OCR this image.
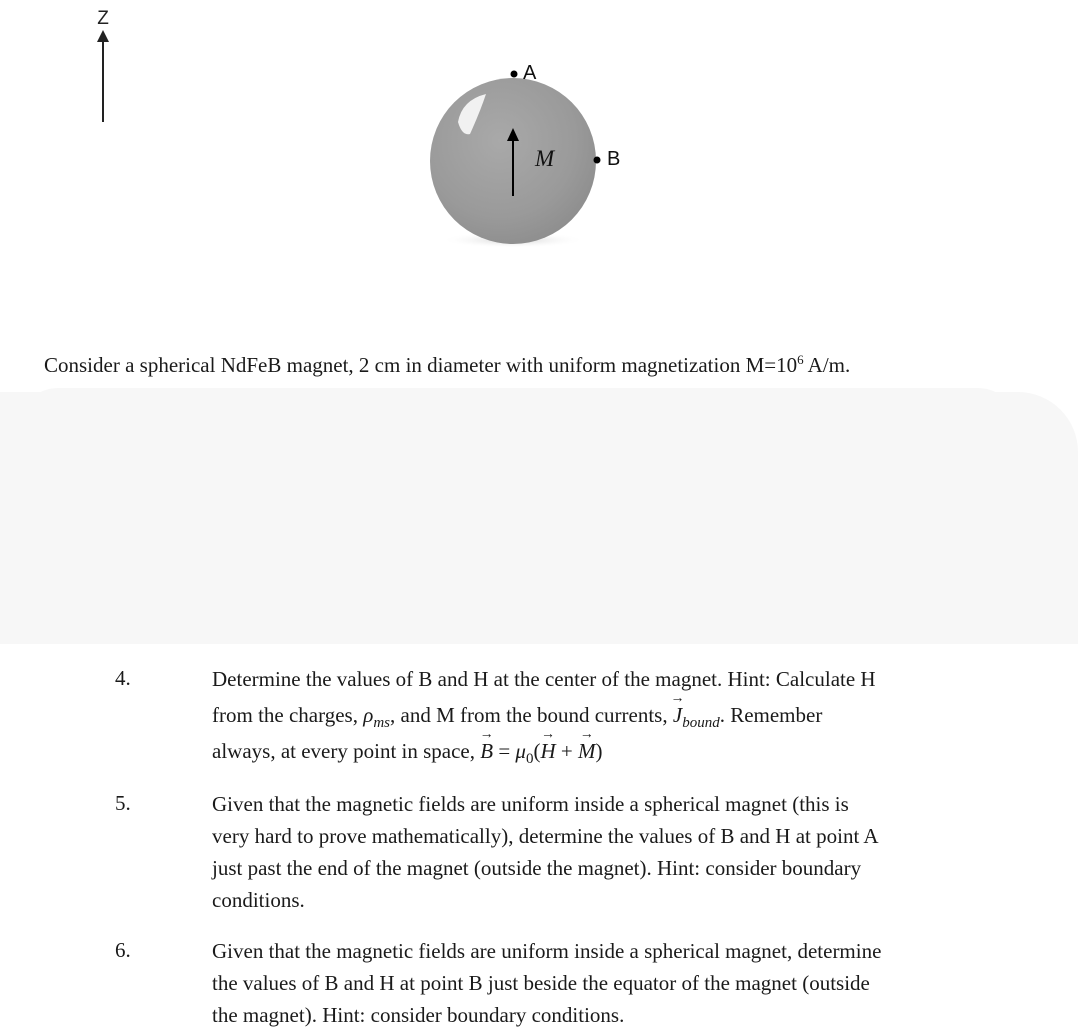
Z
M
A
B
Consider a spherical NdFeB magnet, 2 cm in diameter with uniform magnetization $M=10^6$ A/m.
4.	Determine the values of B and H at the center of the magnet. Hint: Calculate H
from the charges, $\rho_{ms}$, and M from the bound currents, → $J_{bound}$. Remember
always, at every point in space, → $B = \mu_0(\to H$ + → M)
5.	Given that the magnetic fields are uniform inside a spherical magnet (this is
very hard to prove mathematically), determine the values of B and H at point A
just past the end of the magnet (outside the magnet). Hint: consider boundary
conditions.
6.	Given that the magnetic fields are uniform inside a spherical magnet, determine
the values of B and H at point B just beside the equator of the magnet (outside
the magnet). Hint: consider boundary conditions.
